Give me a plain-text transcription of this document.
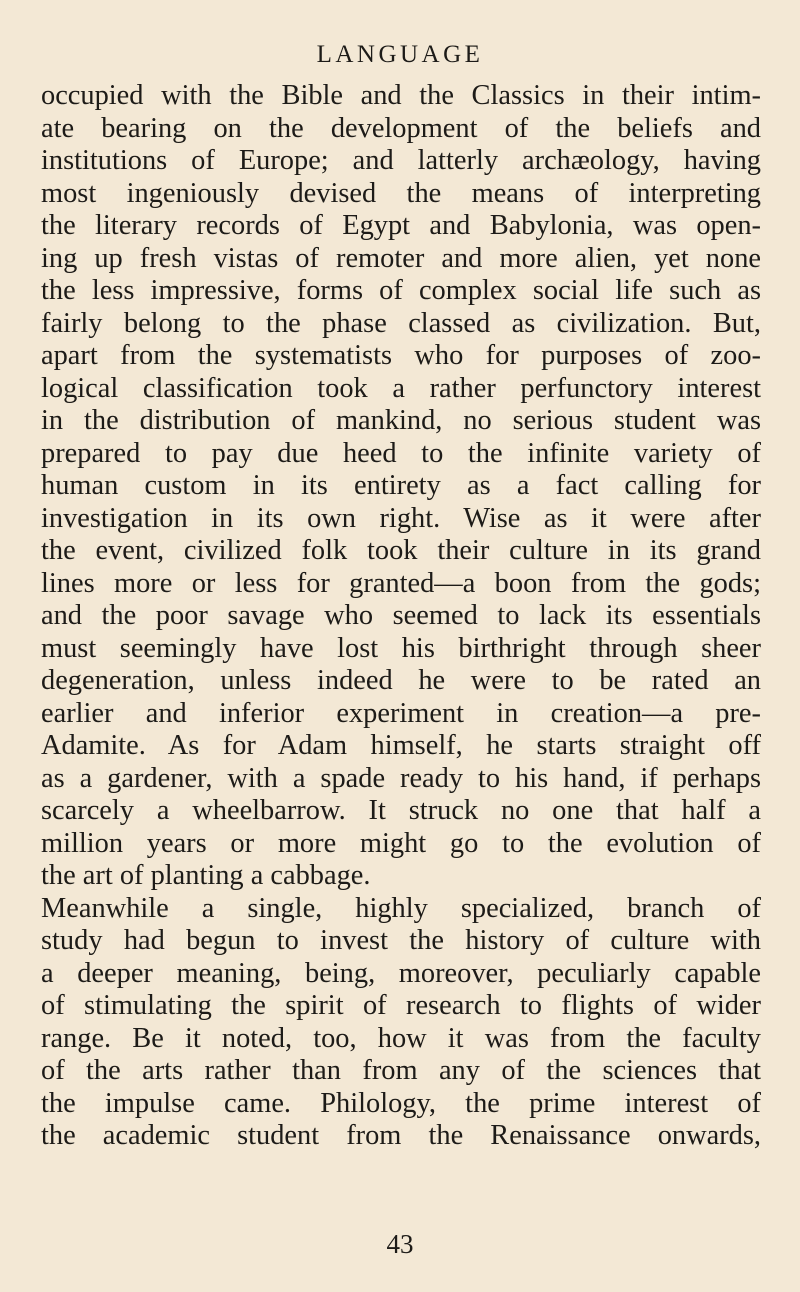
LANGUAGE
occupied with the Bible and the Classics in their intim-
ate bearing on the development of the beliefs and
institutions of Europe; and latterly archæology, having
most ingeniously devised the means of interpreting
the literary records of Egypt and Babylonia, was open-
ing up fresh vistas of remoter and more alien, yet none
the less impressive, forms of complex social life such as
fairly belong to the phase classed as civilization. But,
apart from the systematists who for purposes of zoo-
logical classification took a rather perfunctory interest
in the distribution of mankind, no serious student was
prepared to pay due heed to the infinite variety of
human custom in its entirety as a fact calling for
investigation in its own right. Wise as it were after
the event, civilized folk took their culture in its grand
lines more or less for granted—a boon from the gods;
and the poor savage who seemed to lack its essentials
must seemingly have lost his birthright through sheer
degeneration, unless indeed he were to be rated an
earlier and inferior experiment in creation—a pre-
Adamite. As for Adam himself, he starts straight off
as a gardener, with a spade ready to his hand, if perhaps
scarcely a wheelbarrow. It struck no one that half a
million years or more might go to the evolution of
the art of planting a cabbage.
Meanwhile a single, highly specialized, branch of
study had begun to invest the history of culture with
a deeper meaning, being, moreover, peculiarly capable
of stimulating the spirit of research to flights of wider
range. Be it noted, too, how it was from the faculty
of the arts rather than from any of the sciences that
the impulse came. Philology, the prime interest of
the academic student from the Renaissance onwards,
43
